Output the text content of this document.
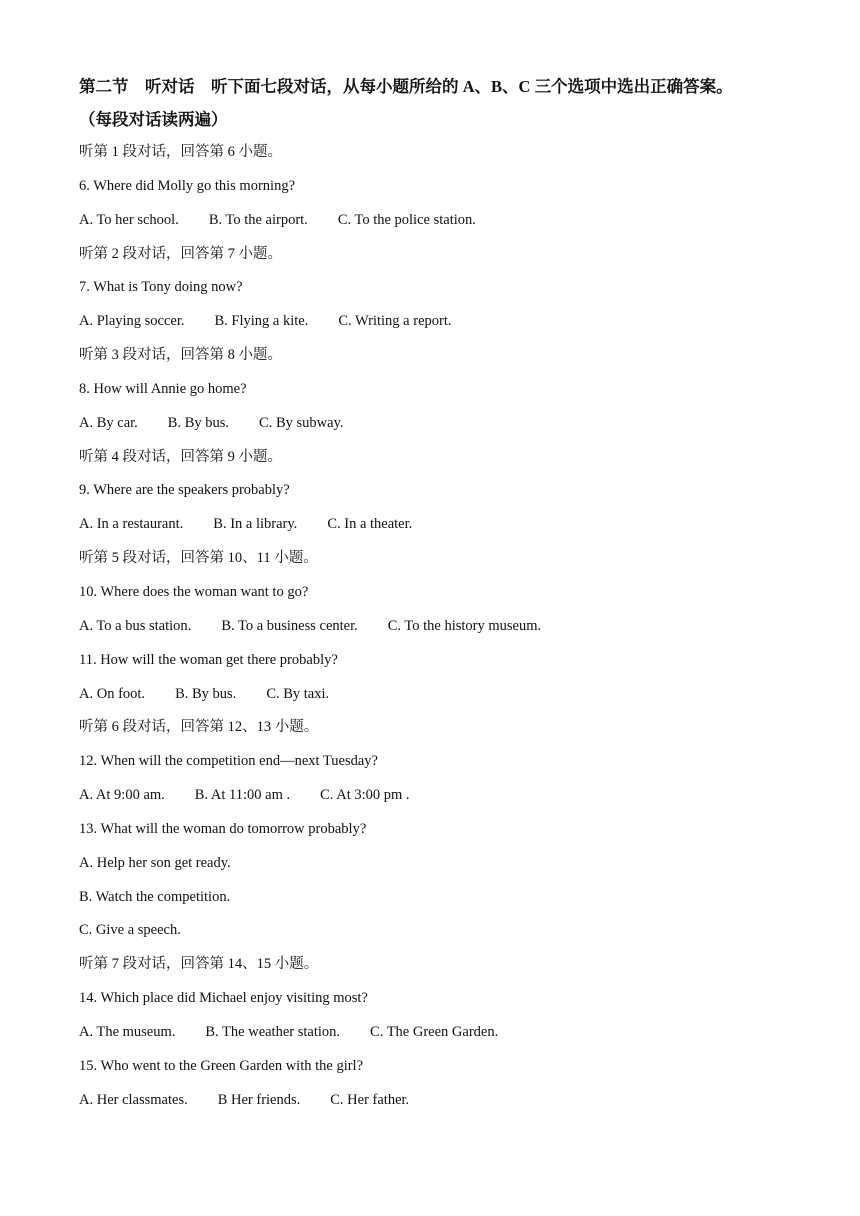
第二节　听对话　听下面七段对话，从每小题所给的 A、B、C 三个选项中选出正确答案。

（每段对话读两遍）

听第 1 段对话，回答第 6 小题。

6. Where did Molly go this morning?

A. To her school. B. To the airport. C. To the police station.

听第 2 段对话，回答第 7 小题。

7. What is Tony doing now?

A. Playing soccer. B. Flying a kite. C. Writing a report.

听第 3 段对话，回答第 8 小题。

8. How will Annie go home?

A. By car. B. By bus. C. By subway.

听第 4 段对话，回答第 9 小题。

9. Where are the speakers probably?

A. In a restaurant. B. In a library. C. In a theater.

听第 5 段对话，回答第 10、11 小题。

10. Where does the woman want to go?

A. To a bus station. B. To a business center. C. To the history museum.

11. How will the woman get there probably?

A. On foot. B. By bus. C. By taxi.

听第 6 段对话，回答第 12、13 小题。

12. When will the competition end—next Tuesday?

A. At 9:00 am. B. At 11:00 am . C. At 3:00 pm .

13. What will the woman do tomorrow probably?

A. Help her son get ready.

B. Watch the competition.

C. Give a speech.

听第 7 段对话，回答第 14、15 小题。

14. Which place did Michael enjoy visiting most?

A. The museum. B. The weather station. C. The Green Garden.

15. Who went to the Green Garden with the girl?

A. Her classmates. B Her friends. C. Her father.
